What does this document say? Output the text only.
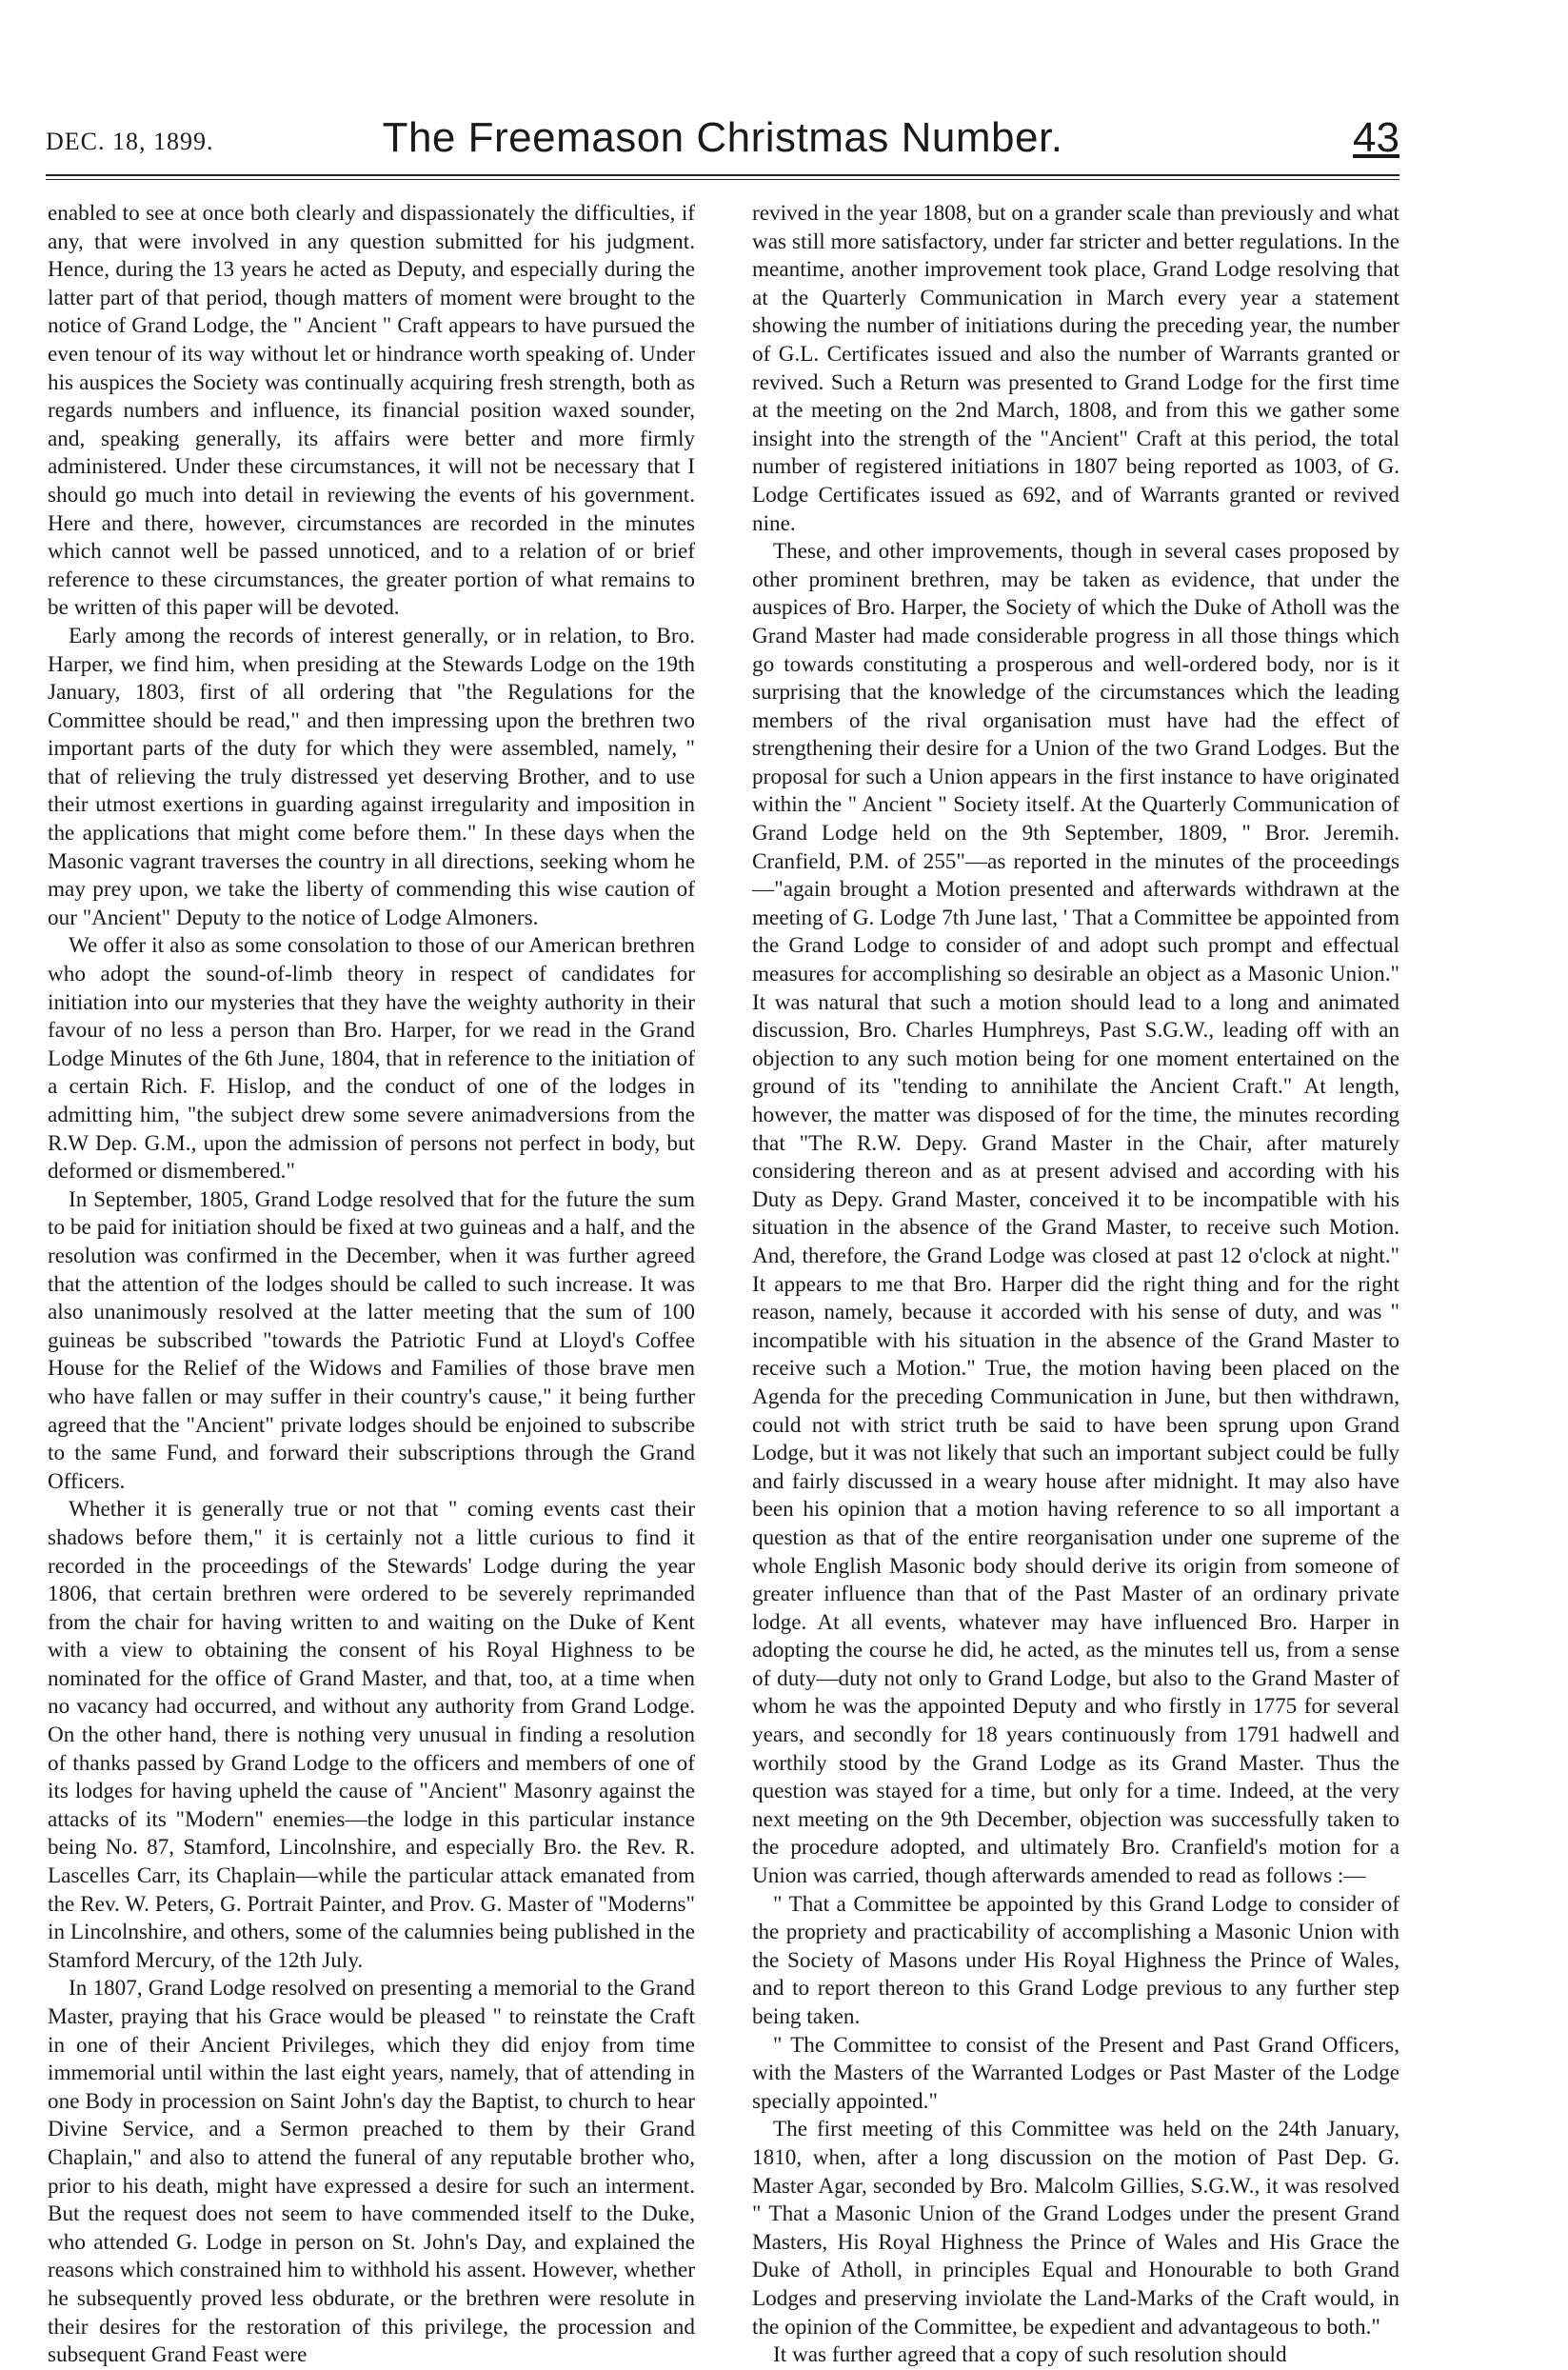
DEC. 18, 1899.	The Freemason Christmas Number.	43

enabled to see at once both clearly and dispassionately the difficulties, if any, that were involved in any question submitted for his judgment. Hence, during the 13 years he acted as Deputy, and especially during the latter part of that period, though matters of moment were brought to the notice of Grand Lodge, the " Ancient " Craft appears to have pursued the even tenour of its way without let or hindrance worth speaking of. Under his auspices the Society was continually acquiring fresh strength, both as regards numbers and influence, its financial position waxed sounder, and, speaking generally, its affairs were better and more firmly administered. Under these circumstances, it will not be necessary that I should go much into detail in reviewing the events of his government. Here and there, however, circumstances are recorded in the minutes which cannot well be passed unnoticed, and to a relation of or brief reference to these circumstances, the greater portion of what remains to be written of this paper will be devoted.

Early among the records of interest generally, or in relation, to Bro. Harper, we find him, when presiding at the Stewards Lodge on the 19th January, 1803, first of all ordering that "the Regulations for the Committee should be read," and then impressing upon the brethren two important parts of the duty for which they were assembled, namely, " that of relieving the truly distressed yet deserving Brother, and to use their utmost exertions in guarding against irregularity and imposition in the applications that might come before them." In these days when the Masonic vagrant traverses the country in all directions, seeking whom he may prey upon, we take the liberty of commending this wise caution of our "Ancient" Deputy to the notice of Lodge Almoners.

We offer it also as some consolation to those of our American brethren who adopt the sound-of-limb theory in respect of candidates for initiation into our mysteries that they have the weighty authority in their favour of no less a person than Bro. Harper, for we read in the Grand Lodge Minutes of the 6th June, 1804, that in reference to the initiation of a certain Rich. F. Hislop, and the conduct of one of the lodges in admitting him, "the subject drew some severe animadversions from the R.W Dep. G.M., upon the admission of persons not perfect in body, but deformed or dismembered."

In September, 1805, Grand Lodge resolved that for the future the sum to be paid for initiation should be fixed at two guineas and a half, and the resolution was confirmed in the December, when it was further agreed that the attention of the lodges should be called to such increase. It was also unanimously resolved at the latter meeting that the sum of 100 guineas be subscribed "towards the Patriotic Fund at Lloyd's Coffee House for the Relief of the Widows and Families of those brave men who have fallen or may suffer in their country's cause," it being further agreed that the "Ancient" private lodges should be enjoined to subscribe to the same Fund, and forward their subscriptions through the Grand Officers.

Whether it is generally true or not that " coming events cast their shadows before them," it is certainly not a little curious to find it recorded in the proceedings of the Stewards' Lodge during the year 1806, that certain brethren were ordered to be severely reprimanded from the chair for having written to and waiting on the Duke of Kent with a view to obtaining the consent of his Royal Highness to be nominated for the office of Grand Master, and that, too, at a time when no vacancy had occurred, and without any authority from Grand Lodge. On the other hand, there is nothing very unusual in finding a resolution of thanks passed by Grand Lodge to the officers and members of one of its lodges for having upheld the cause of "Ancient" Masonry against the attacks of its "Modern" enemies—the lodge in this particular instance being No. 87, Stamford, Lincolnshire, and especially Bro. the Rev. R. Lascelles Carr, its Chaplain—while the particular attack emanated from the Rev. W. Peters, G. Portrait Painter, and Prov. G. Master of "Moderns" in Lincolnshire, and others, some of the calumnies being published in the Stamford Mercury, of the 12th July.

In 1807, Grand Lodge resolved on presenting a memorial to the Grand Master, praying that his Grace would be pleased " to reinstate the Craft in one of their Ancient Privileges, which they did enjoy from time immemorial until within the last eight years, namely, that of attending in one Body in procession on Saint John's day the Baptist, to church to hear Divine Service, and a Sermon preached to them by their Grand Chaplain," and also to attend the funeral of any reputable brother who, prior to his death, might have expressed a desire for such an interment. But the request does not seem to have commended itself to the Duke, who attended G. Lodge in person on St. John's Day, and explained the reasons which constrained him to withhold his assent. However, whether he subsequently proved less obdurate, or the brethren were resolute in their desires for the restoration of this privilege, the procession and subsequent Grand Feast were

revived in the year 1808, but on a grander scale than previously and what was still more satisfactory, under far stricter and better regulations. In the meantime, another improvement took place, Grand Lodge resolving that at the Quarterly Communication in March every year a statement showing the number of initiations during the preceding year, the number of G.L. Certificates issued and also the number of Warrants granted or revived. Such a Return was presented to Grand Lodge for the first time at the meeting on the 2nd March, 1808, and from this we gather some insight into the strength of the "Ancient" Craft at this period, the total number of registered initiations in 1807 being reported as 1003, of G. Lodge Certificates issued as 692, and of Warrants granted or revived nine.

These, and other improvements, though in several cases proposed by other prominent brethren, may be taken as evidence, that under the auspices of Bro. Harper, the Society of which the Duke of Atholl was the Grand Master had made considerable progress in all those things which go towards constituting a prosperous and well-ordered body, nor is it surprising that the knowledge of the circumstances which the leading members of the rival organisation must have had the effect of strengthening their desire for a Union of the two Grand Lodges. But the proposal for such a Union appears in the first instance to have originated within the " Ancient " Society itself. At the Quarterly Communication of Grand Lodge held on the 9th September, 1809, " Bror. Jeremih. Cranfield, P.M. of 255"—as reported in the minutes of the proceedings—"again brought a Motion presented and afterwards withdrawn at the meeting of G. Lodge 7th June last, ' That a Committee be appointed from the Grand Lodge to consider of and adopt such prompt and effectual measures for accomplishing so desirable an object as a Masonic Union." It was natural that such a motion should lead to a long and animated discussion, Bro. Charles Humphreys, Past S.G.W., leading off with an objection to any such motion being for one moment entertained on the ground of its "tending to annihilate the Ancient Craft." At length, however, the matter was disposed of for the time, the minutes recording that "The R.W. Depy. Grand Master in the Chair, after maturely considering thereon and as at present advised and according with his Duty as Depy. Grand Master, conceived it to be incompatible with his situation in the absence of the Grand Master, to receive such Motion. And, therefore, the Grand Lodge was closed at past 12 o'clock at night." It appears to me that Bro. Harper did the right thing and for the right reason, namely, because it accorded with his sense of duty, and was " incompatible with his situation in the absence of the Grand Master to receive such a Motion." True, the motion having been placed on the Agenda for the preceding Communication in June, but then withdrawn, could not with strict truth be said to have been sprung upon Grand Lodge, but it was not likely that such an important subject could be fully and fairly discussed in a weary house after midnight. It may also have been his opinion that a motion having reference to so all important a question as that of the entire reorganisation under one supreme of the whole English Masonic body should derive its origin from someone of greater influence than that of the Past Master of an ordinary private lodge. At all events, whatever may have influenced Bro. Harper in adopting the course he did, he acted, as the minutes tell us, from a sense of duty—duty not only to Grand Lodge, but also to the Grand Master of whom he was the appointed Deputy and who firstly in 1775 for several years, and secondly for 18 years continuously from 1791 hadwell and worthily stood by the Grand Lodge as its Grand Master. Thus the question was stayed for a time, but only for a time. Indeed, at the very next meeting on the 9th December, objection was successfully taken to the procedure adopted, and ultimately Bro. Cranfield's motion for a Union was carried, though afterwards amended to read as follows :—

" That a Committee be appointed by this Grand Lodge to consider of the propriety and practicability of accomplishing a Masonic Union with the Society of Masons under His Royal Highness the Prince of Wales, and to report thereon to this Grand Lodge previous to any further step being taken.

" The Committee to consist of the Present and Past Grand Officers, with the Masters of the Warranted Lodges or Past Master of the Lodge specially appointed."

The first meeting of this Committee was held on the 24th January, 1810, when, after a long discussion on the motion of Past Dep. G. Master Agar, seconded by Bro. Malcolm Gillies, S.G.W., it was resolved " That a Masonic Union of the Grand Lodges under the present Grand Masters, His Royal Highness the Prince of Wales and His Grace the Duke of Atholl, in principles Equal and Honourable to both Grand Lodges and preserving inviolate the Land-Marks of the Craft would, in the opinion of the Committee, be expedient and advantageous to both."

It was further agreed that a copy of such resolution should
